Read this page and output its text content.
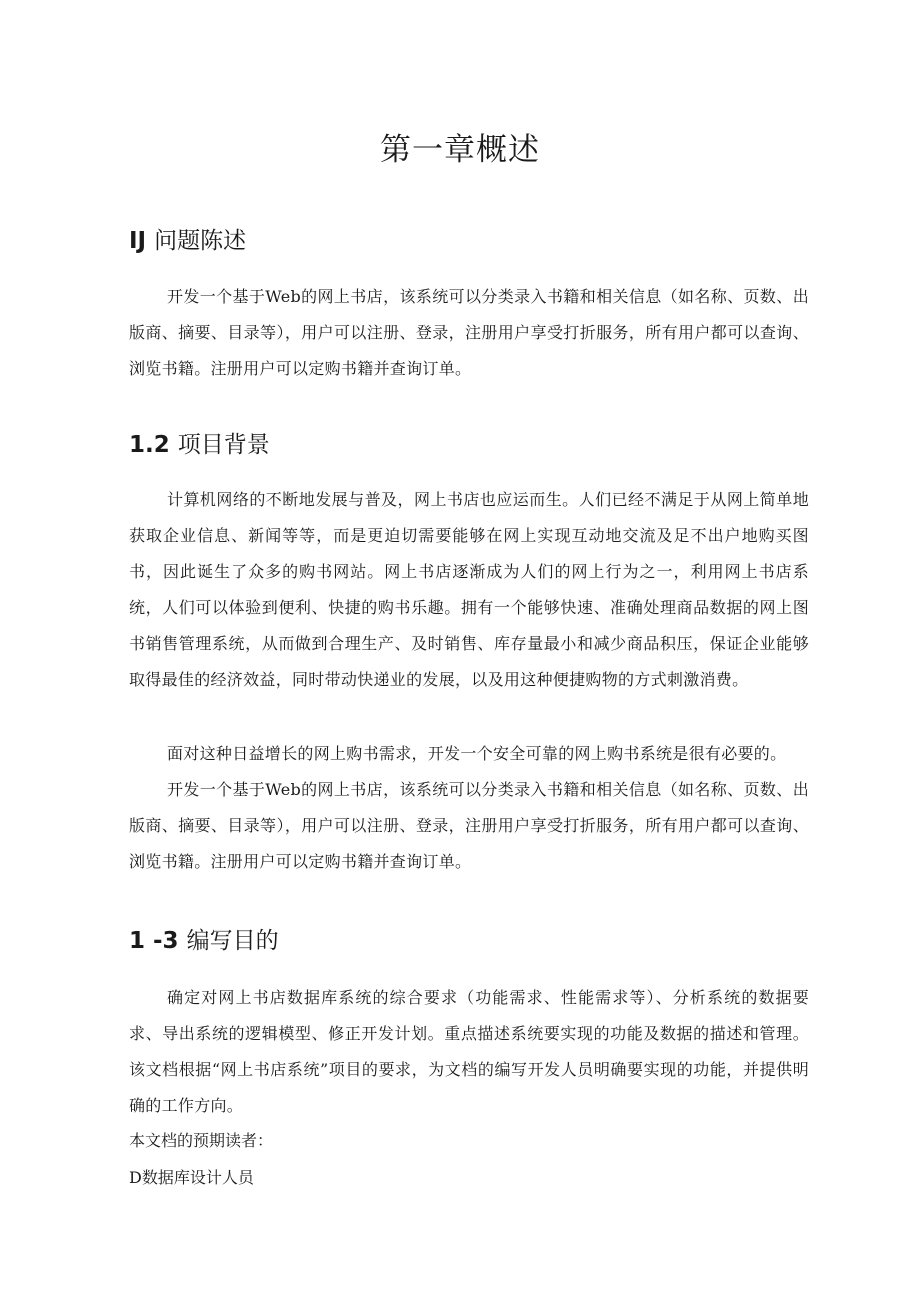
第一章概述
IJ 问题陈述

开发一个基于Web的网上书店，该系统可以分类录入书籍和相关信息（如名称、页数、出版商、摘要、目录等），用户可以注册、登录，注册用户享受打折服务，所有用户都可以查询、浏览书籍。注册用户可以定购书籍并查询订单。

1.2 项目背景

计算机网络的不断地发展与普及，网上书店也应运而生。人们已经不满足于从网上简单地获取企业信息、新闻等等，而是更迫切需要能够在网上实现互动地交流及足不出户地购买图书，因此诞生了众多的购书网站。网上书店逐渐成为人们的网上行为之一，利用网上书店系统，人们可以体验到便利、快捷的购书乐趣。拥有一个能够快速、准确处理商品数据的网上图书销售管理系统，从而做到合理生产、及时销售、库存量最小和减少商品积压，保证企业能够取得最佳的经济效益，同时带动快递业的发展，以及用这种便捷购物的方式刺激消费。

面对这种日益增长的网上购书需求，开发一个安全可靠的网上购书系统是很有必要的。

开发一个基于Web的网上书店，该系统可以分类录入书籍和相关信息（如名称、页数、出版商、摘要、目录等），用户可以注册、登录，注册用户享受打折服务，所有用户都可以查询、浏览书籍。注册用户可以定购书籍并查询订单。

1 -3 编写目的

确定对网上书店数据库系统的综合要求（功能需求、性能需求等）、分析系统的数据要求、导出系统的逻辑模型、修正开发计划。重点描述系统要实现的功能及数据的描述和管理。该文档根据“网上书店系统”项目的要求，为文档的编写开发人员明确要实现的功能，并提供明确的工作方向。

本文档的预期读者：

D数据库设计人员
